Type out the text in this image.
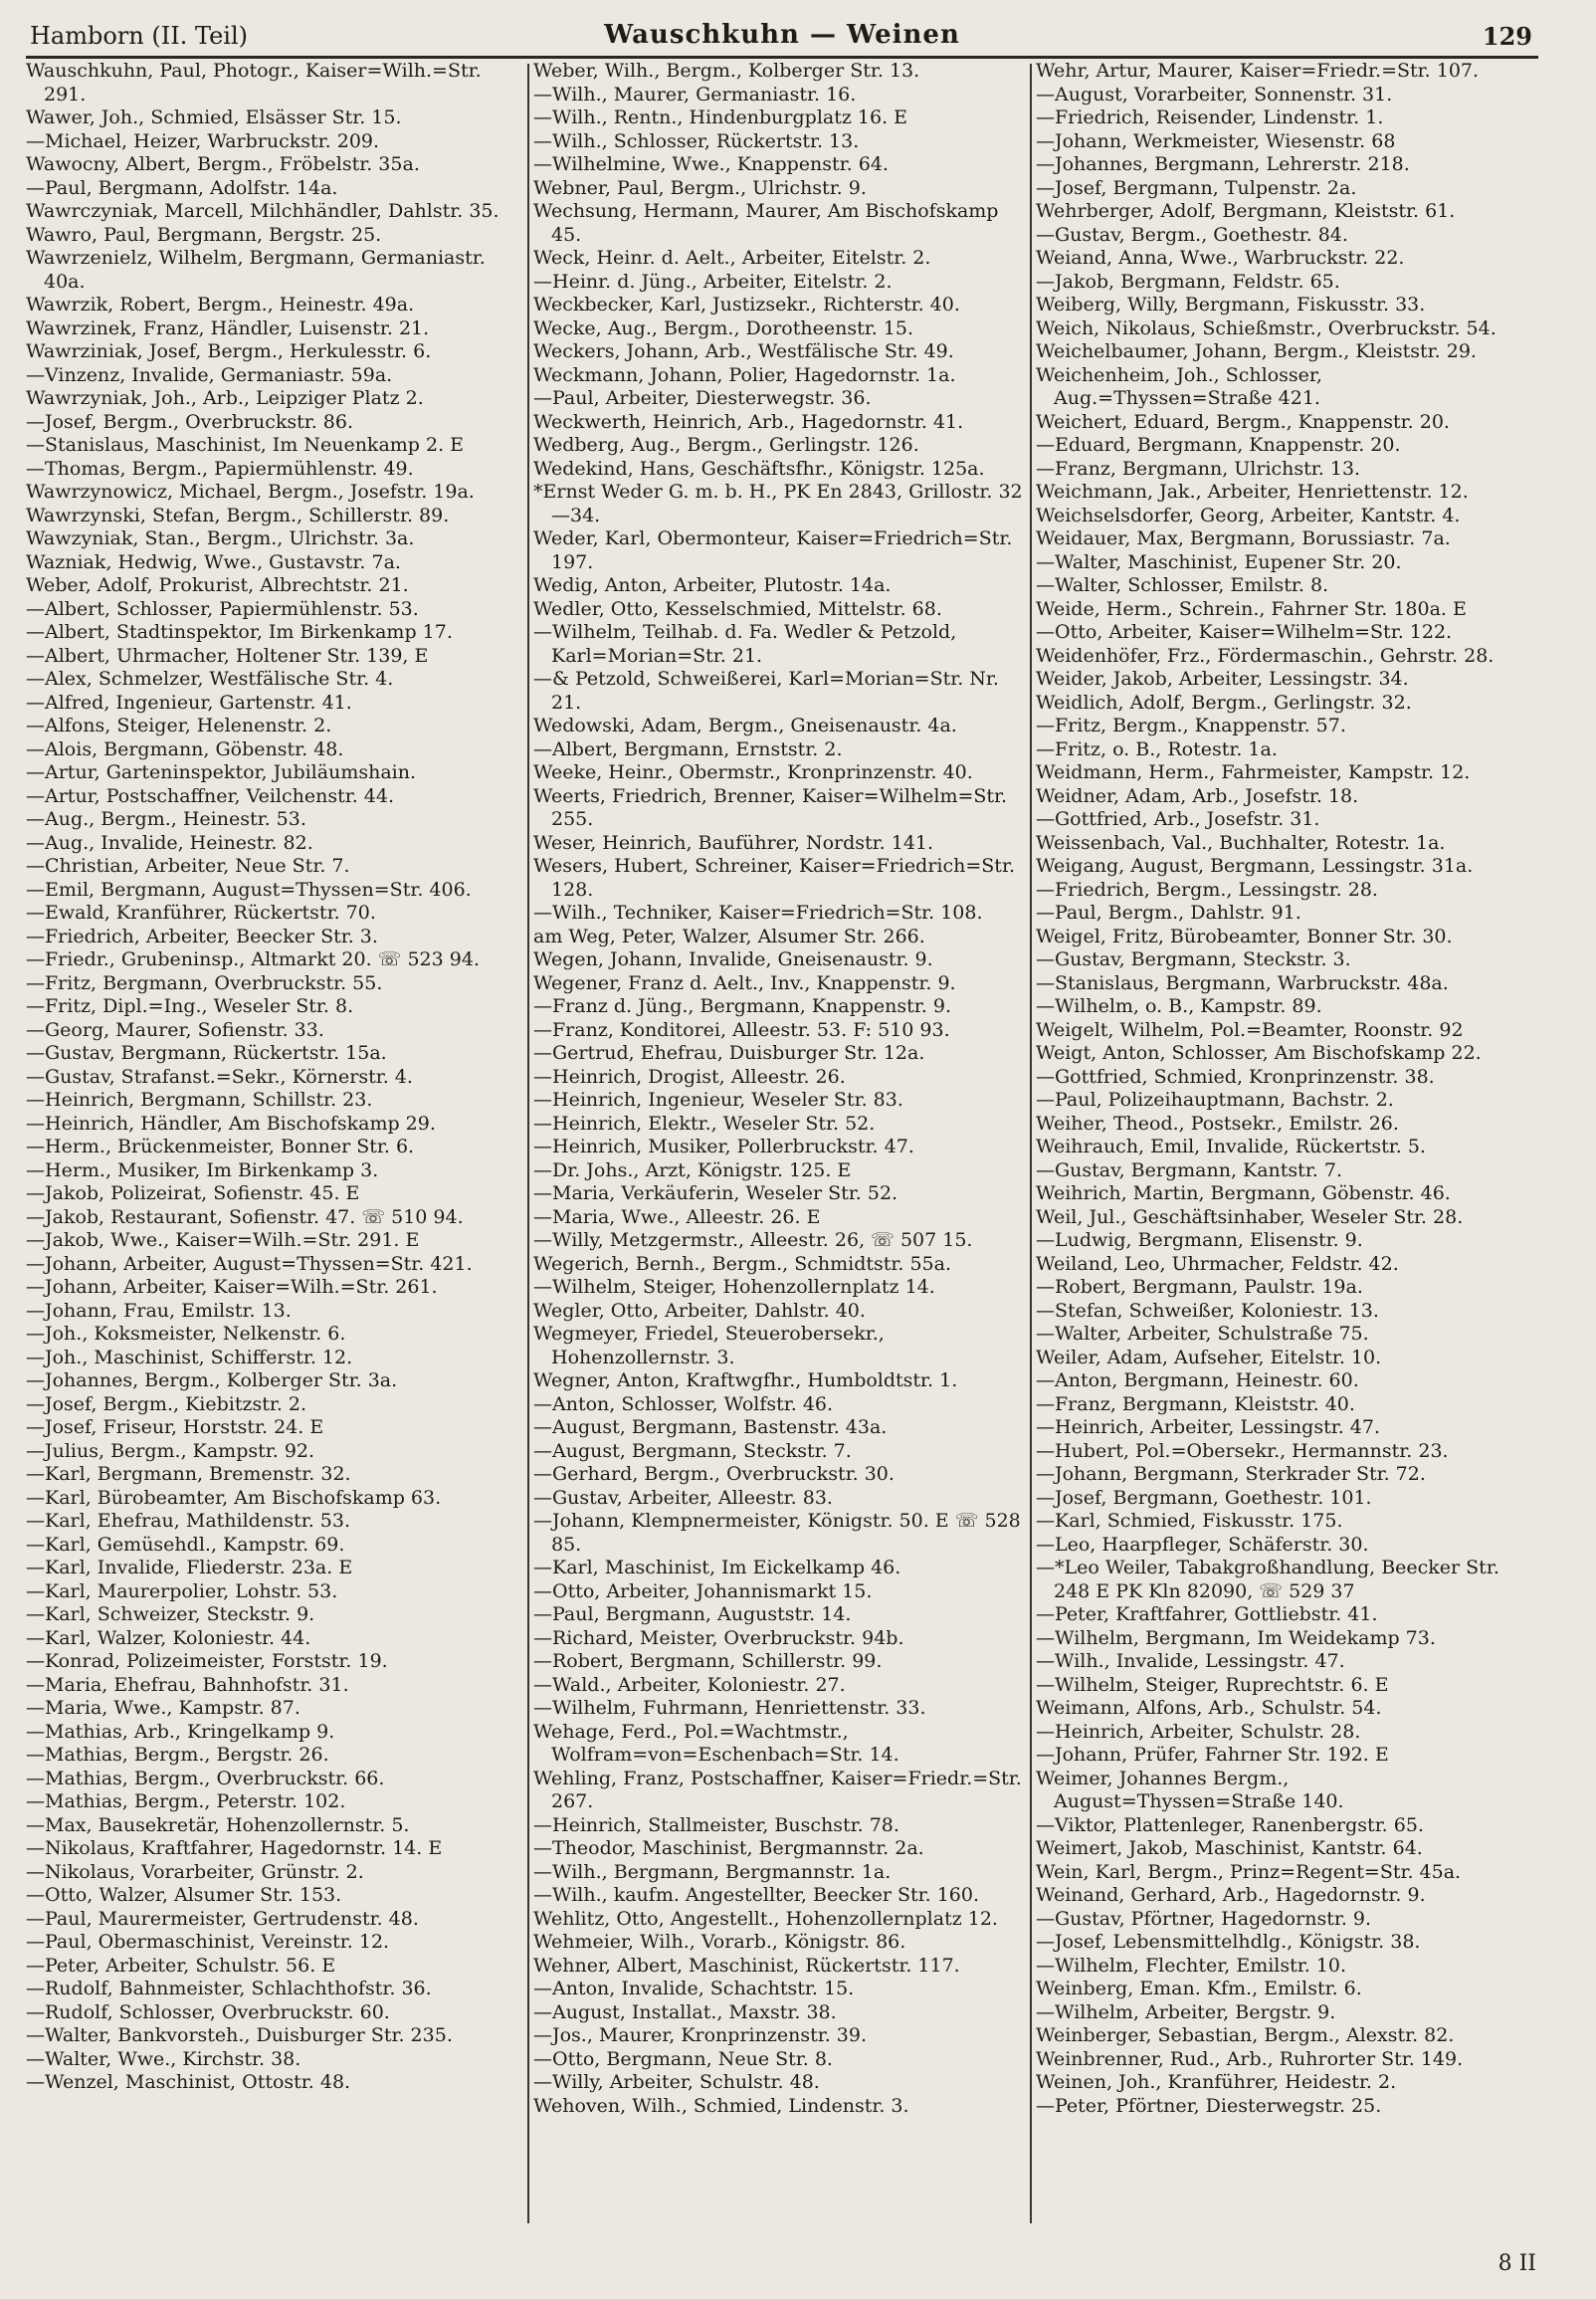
Hamborn (II. Teil)	Wauschkuhn — Weinen	129
Wauschkuhn, Paul, Photogr., Kaiser=Wilh.=Str. 291.
Wawer, Joh., Schmied, Elsässer Str. 15.
—Michael, Heizer, Warbruckstr. 209.
Wawocny, Albert, Bergm., Fröbelstr. 35a.
—Paul, Bergmann, Adolfstr. 14a.
Wawrczyniak, Marcell, Milchhändler, Dahlstr. 35.
Wawro, Paul, Bergmann, Bergstr. 25.
Wawrzenielz, Wilhelm, Bergmann, Germaniastr. 40a.
Wawrzik, Robert, Bergm., Heinestr. 49a.
Wawrzinek, Franz, Händler, Luisenstr. 21.
Wawrziniak, Josef, Bergm., Herkulesstr. 6.
—Vinzenz, Invalide, Germaniastr. 59a.
Wawrzyniak, Joh., Arb., Leipziger Platz 2.
—Josef, Bergm., Overbruckstr. 86.
—Stanislaus, Maschinist, Im Neuenkamp 2. E
—Thomas, Bergm., Papiermühlenstr. 49.
Wawrzynowicz, Michael, Bergm., Josefstr. 19a.
Wawrzynski, Stefan, Bergm., Schillerstr. 89.
Wawzyniak, Stan., Bergm., Ulrichstr. 3a.
Wazniak, Hedwig, Wwe., Gustavstr. 7a.
Weber, Adolf, Prokurist, Albrechtstr. 21.
—Albert, Schlosser, Papiermühlenstr. 53.
—Albert, Stadtinspektor, Im Birkenkamp 17.
—Albert, Uhrmacher, Holtener Str. 139, E
—Alex, Schmelzer, Westfälische Str. 4.
—Alfred, Ingenieur, Gartenstr. 41.
—Alfons, Steiger, Helenenstr. 2.
—Alois, Bergmann, Göbenstr. 48.
—Artur, Garteninspektor, Jubiläumshain.
—Artur, Postschaffner, Veilchenstr. 44.
—Aug., Bergm., Heinestr. 53.
—Aug., Invalide, Heinestr. 82.
—Christian, Arbeiter, Neue Str. 7.
—Emil, Bergmann, August=Thyssen=Str. 406.
—Ewald, Kranführer, Rückertstr. 70.
—Friedrich, Arbeiter, Beecker Str. 3.
—Friedr., Grubeninsp., Altmarkt 20. ☏ 523 94.
—Fritz, Bergmann, Overbruckstr. 55.
—Fritz, Dipl.=Ing., Weseler Str. 8.
—Georg, Maurer, Sofienstr. 33.
—Gustav, Bergmann, Rückertstr. 15a.
—Gustav, Strafanst.=Sekr., Körnerstr. 4.
—Heinrich, Bergmann, Schillstr. 23.
—Heinrich, Händler, Am Bischofskamp 29.
—Herm., Brückenmeister, Bonner Str. 6.
—Herm., Musiker, Im Birkenkamp 3.
—Jakob, Polizeirat, Sofienstr. 45. E
—Jakob, Restaurant, Sofienstr. 47. ☏ 510 94.
—Jakob, Wwe., Kaiser=Wilh.=Str. 291. E
—Johann, Arbeiter, August=Thyssen=Str. 421.
—Johann, Arbeiter, Kaiser=Wilh.=Str. 261.
—Johann, Frau, Emilstr. 13.
—Joh., Koksmeister, Nelkenstr. 6.
—Joh., Maschinist, Schifferstr. 12.
—Johannes, Bergm., Kolberger Str. 3a.
—Josef, Bergm., Kiebitzstr. 2.
—Josef, Friseur, Horststr. 24. E
—Julius, Bergm., Kampstr. 92.
—Karl, Bergmann, Bremenstr. 32.
—Karl, Bürobeamter, Am Bischofskamp 63.
—Karl, Ehefrau, Mathildenstr. 53.
—Karl, Gemüsehdl., Kampstr. 69.
—Karl, Invalide, Fliederstr. 23a. E
—Karl, Maurerpolier, Lohstr. 53.
—Karl, Schweizer, Steckstr. 9.
—Karl, Walzer, Koloniestr. 44.
—Konrad, Polizeimeister, Forststr. 19.
—Maria, Ehefrau, Bahnhofstr. 31.
—Maria, Wwe., Kampstr. 87.
—Mathias, Arb., Kringelkamp 9.
—Mathias, Bergm., Bergstr. 26.
—Mathias, Bergm., Overbruckstr. 66.
—Mathias, Bergm., Peterstr. 102.
—Max, Bausekretär, Hohenzollernstr. 5.
—Nikolaus, Kraftfahrer, Hagedornstr. 14. E
—Nikolaus, Vorarbeiter, Grünstr. 2.
—Otto, Walzer, Alsumer Str. 153.
—Paul, Maurermeister, Gertrudenstr. 48.
—Paul, Obermaschinist, Vereinstr. 12.
—Peter, Arbeiter, Schulstr. 56. E
—Rudolf, Bahnmeister, Schlachthofstr. 36.
—Rudolf, Schlosser, Overbruckstr. 60.
—Walter, Bankvorsteh., Duisburger Str. 235.
—Walter, Wwe., Kirchstr. 38.
—Wenzel, Maschinist, Ottostr. 48.
Weber, Wilh., Bergm., Kolberger Str. 13.
—Wilh., Maurer, Germaniastr. 16.
—Wilh., Rentn., Hindenburgplatz 16. E
—Wilh., Schlosser, Rückertstr. 13.
—Wilhelmine, Wwe., Knappenstr. 64.
Webner, Paul, Bergm., Ulrichstr. 9.
Wechsung, Hermann, Maurer, Am Bischofskamp 45.
Weck, Heinr. d. Aelt., Arbeiter, Eitelstr. 2.
—Heinr. d. Jüng., Arbeiter, Eitelstr. 2.
Weckbecker, Karl, Justizsekr., Richterstr. 40.
Wecke, Aug., Bergm., Dorotheenstr. 15.
Weckers, Johann, Arb., Westfälische Str. 49.
Weckmann, Johann, Polier, Hagedornstr. 1a.
—Paul, Arbeiter, Diesterwegstr. 36.
Weckwerth, Heinrich, Arb., Hagedornstr. 41.
Wedberg, Aug., Bergm., Gerlingstr. 126.
Wedekind, Hans, Geschäftsfhr., Königstr. 125a.
*Ernst Weder G. m. b. H., PK En 2843, Grillostr. 32—34.
Weder, Karl, Obermonteur, Kaiser=Friedrich=Str. 197.
Wedig, Anton, Arbeiter, Plutostr. 14a.
Wedler, Otto, Kesselschmied, Mittelstr. 68.
—Wilhelm, Teilhab. d. Fa. Wedler & Petzold, Karl=Morian=Str. 21.
—& Petzold, Schweißerei, Karl=Morian=Str. Nr. 21.
Wedowski, Adam, Bergm., Gneisenaustr. 4a.
—Albert, Bergmann, Ernststr. 2.
Weeke, Heinr., Obermstr., Kronprinzenstr. 40.
Weerts, Friedrich, Brenner, Kaiser=Wilhelm=Str. 255.
Weser, Heinrich, Bauführer, Nordstr. 141.
Wesers, Hubert, Schreiner, Kaiser=Friedrich=Str. 128.
—Wilh., Techniker, Kaiser=Friedrich=Str. 108.
am Weg, Peter, Walzer, Alsumer Str. 266.
Wegen, Johann, Invalide, Gneisenaustr. 9.
Wegener, Franz d. Aelt., Inv., Knappenstr. 9.
—Franz d. Jüng., Bergmann, Knappenstr. 9.
—Franz, Konditorei, Alleestr. 53. F: 510 93.
—Gertrud, Ehefrau, Duisburger Str. 12a.
—Heinrich, Drogist, Alleestr. 26.
—Heinrich, Ingenieur, Weseler Str. 83.
—Heinrich, Elektr., Weseler Str. 52.
—Heinrich, Musiker, Pollerbruckstr. 47.
—Dr. Johs., Arzt, Königstr. 125. E
—Maria, Verkäuferin, Weseler Str. 52.
—Maria, Wwe., Alleestr. 26. E
—Willy, Metzgermstr., Alleestr. 26, ☏ 507 15.
Wegerich, Bernh., Bergm., Schmidtstr. 55a.
—Wilhelm, Steiger, Hohenzollernplatz 14.
Wegler, Otto, Arbeiter, Dahlstr. 40.
Wegmeyer, Friedel, Steuerobersekr., Hohenzollernstr. 3.
Wegner, Anton, Kraftwgfhr., Humboldtstr. 1.
—Anton, Schlosser, Wolfstr. 46.
—August, Bergmann, Bastenstr. 43a.
—August, Bergmann, Steckstr. 7.
—Gerhard, Bergm., Overbruckstr. 30.
—Gustav, Arbeiter, Alleestr. 83.
—Johann, Klempnermeister, Königstr. 50. E ☏ 528 85.
—Karl, Maschinist, Im Eickelkamp 46.
—Otto, Arbeiter, Johannismarkt 15.
—Paul, Bergmann, Auguststr. 14.
—Richard, Meister, Overbruckstr. 94b.
—Robert, Bergmann, Schillerstr. 99.
—Wald., Arbeiter, Koloniestr. 27.
—Wilhelm, Fuhrmann, Henriettenstr. 33.
Wehage, Ferd., Pol.=Wachtmstr., Wolfram=von=Eschenbach=Str. 14.
Wehling, Franz, Postschaffner, Kaiser=Friedr.=Str. 267.
—Heinrich, Stallmeister, Buschstr. 78.
—Theodor, Maschinist, Bergmannstr. 2a.
—Wilh., Bergmann, Bergmannstr. 1a.
—Wilh., kaufm. Angestellter, Beecker Str. 160.
Wehlitz, Otto, Angestellt., Hohenzollernplatz 12.
Wehmeier, Wilh., Vorarb., Königstr. 86.
Wehner, Albert, Maschinist, Rückertstr. 117.
—Anton, Invalide, Schachtstr. 15.
—August, Installat., Maxstr. 38.
—Jos., Maurer, Kronprinzenstr. 39.
—Otto, Bergmann, Neue Str. 8.
—Willy, Arbeiter, Schulstr. 48.
Wehoven, Wilh., Schmied, Lindenstr. 3.
Wehr, Artur, Maurer, Kaiser=Friedr.=Str. 107.
—August, Vorarbeiter, Sonnenstr. 31.
—Friedrich, Reisender, Lindenstr. 1.
—Johann, Werkmeister, Wiesenstr. 68
—Johannes, Bergmann, Lehrerstr. 218.
—Josef, Bergmann, Tulpenstr. 2a.
Wehrberger, Adolf, Bergmann, Kleiststr. 61.
—Gustav, Bergm., Goethestr. 84.
Weiand, Anna, Wwe., Warbruckstr. 22.
—Jakob, Bergmann, Feldstr. 65.
Weiberg, Willy, Bergmann, Fiskusstr. 33.
Weich, Nikolaus, Schießmstr., Overbruckstr. 54.
Weichelbaumer, Johann, Bergm., Kleiststr. 29.
Weichenheim, Joh., Schlosser, Aug.=Thyssen=Straße 421.
Weichert, Eduard, Bergm., Knappenstr. 20.
—Eduard, Bergmann, Knappenstr. 20.
—Franz, Bergmann, Ulrichstr. 13.
Weichmann, Jak., Arbeiter, Henriettenstr. 12.
Weichselsdorfer, Georg, Arbeiter, Kantstr. 4.
Weidauer, Max, Bergmann, Borussiastr. 7a.
—Walter, Maschinist, Eupener Str. 20.
—Walter, Schlosser, Emilstr. 8.
Weide, Herm., Schrein., Fahrner Str. 180a. E
—Otto, Arbeiter, Kaiser=Wilhelm=Str. 122.
Weidenhöfer, Frz., Fördermaschin., Gehrstr. 28.
Weider, Jakob, Arbeiter, Lessingstr. 34.
Weidlich, Adolf, Bergm., Gerlingstr. 32.
—Fritz, Bergm., Knappenstr. 57.
—Fritz, o. B., Rotestr. 1a.
Weidmann, Herm., Fahrmeister, Kampstr. 12.
Weidner, Adam, Arb., Josefstr. 18.
—Gottfried, Arb., Josefstr. 31.
Weissenbach, Val., Buchhalter, Rotestr. 1a.
Weigang, August, Bergmann, Lessingstr. 31a.
—Friedrich, Bergm., Lessingstr. 28.
—Paul, Bergm., Dahlstr. 91.
Weigel, Fritz, Bürobeamter, Bonner Str. 30.
—Gustav, Bergmann, Steckstr. 3.
—Stanislaus, Bergmann, Warbruckstr. 48a.
—Wilhelm, o. B., Kampstr. 89.
Weigelt, Wilhelm, Pol.=Beamter, Roonstr. 92
Weigt, Anton, Schlosser, Am Bischofskamp 22.
—Gottfried, Schmied, Kronprinzenstr. 38.
—Paul, Polizeihauptmann, Bachstr. 2.
Weiher, Theod., Postsekr., Emilstr. 26.
Weihrauch, Emil, Invalide, Rückertstr. 5.
—Gustav, Bergmann, Kantstr. 7.
Weihrich, Martin, Bergmann, Göbenstr. 46.
Weil, Jul., Geschäftsinhaber, Weseler Str. 28.
—Ludwig, Bergmann, Elisenstr. 9.
Weiland, Leo, Uhrmacher, Feldstr. 42.
—Robert, Bergmann, Paulstr. 19a.
—Stefan, Schweißer, Koloniestr. 13.
—Walter, Arbeiter, Schulstraße 75.
Weiler, Adam, Aufseher, Eitelstr. 10.
—Anton, Bergmann, Heinestr. 60.
—Franz, Bergmann, Kleiststr. 40.
—Heinrich, Arbeiter, Lessingstr. 47.
—Hubert, Pol.=Obersekr., Hermannstr. 23.
—Johann, Bergmann, Sterkrader Str. 72.
—Josef, Bergmann, Goethestr. 101.
—Karl, Schmied, Fiskusstr. 175.
—Leo, Haarpfleger, Schäferstr. 30.
—*Leo Weiler, Tabakgroßhandlung, Beecker Str. 248 E PK Kln 82090, ☏ 529 37
—Peter, Kraftfahrer, Gottliebstr. 41.
—Wilhelm, Bergmann, Im Weidekamp 73.
—Wilh., Invalide, Lessingstr. 47.
—Wilhelm, Steiger, Ruprechtstr. 6. E
Weimann, Alfons, Arb., Schulstr. 54.
—Heinrich, Arbeiter, Schulstr. 28.
—Johann, Prüfer, Fahrner Str. 192. E
Weimer, Johannes Bergm., August=Thyssen=Straße 140.
—Viktor, Plattenleger, Ranenbergstr. 65.
Weimert, Jakob, Maschinist, Kantstr. 64.
Wein, Karl, Bergm., Prinz=Regent=Str. 45a.
Weinand, Gerhard, Arb., Hagedornstr. 9.
—Gustav, Pförtner, Hagedornstr. 9.
—Josef, Lebensmittelhdlg., Königstr. 38.
—Wilhelm, Flechter, Emilstr. 10.
Weinberg, Eman. Kfm., Emilstr. 6.
—Wilhelm, Arbeiter, Bergstr. 9.
Weinberger, Sebastian, Bergm., Alexstr. 82.
Weinbrenner, Rud., Arb., Ruhrorter Str. 149.
Weinen, Joh., Kranführer, Heidestr. 2.
—Peter, Pförtner, Diesterwegstr. 25.
8 II
